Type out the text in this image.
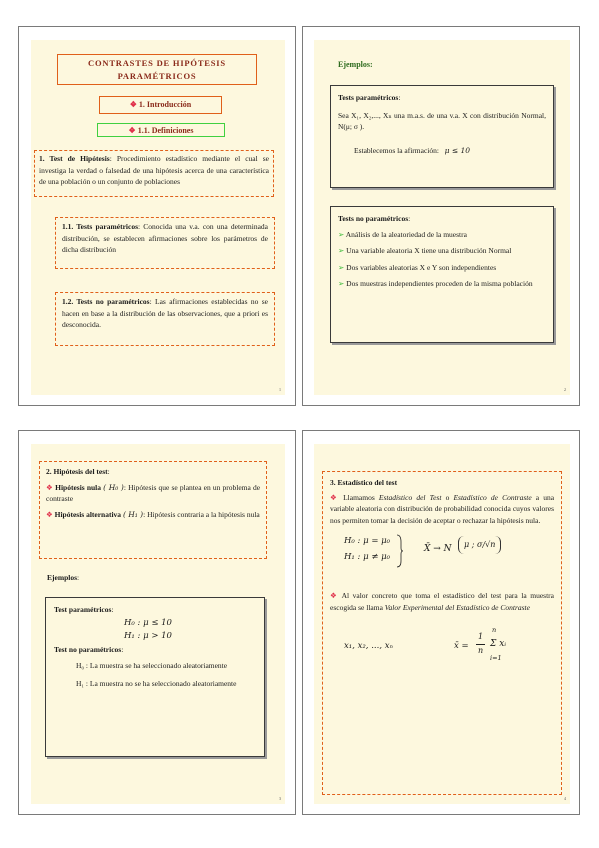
CONTRASTES DE HIPÓTESIS PARAMÉTRICOS
❖ 1. Introducción
❖ 1.1. Definiciones
1. Test de Hipótesis: Procedimiento estadístico mediante el cual se investiga la verdad o falsedad de una hipótesis acerca de una característica de una población o un conjunto de poblaciones
1.1. Tests paramétricos: Conocida una v.a. con una determinada distribución, se establecen afirmaciones sobre los parámetros de dicha distribución
1.2. Tests no paramétricos: Las afirmaciones establecidas no se hacen en base a la distribución de las observaciones, que a priori es desconocida.
1
Ejemplos:
Tests paramétricos:
Sea X₁, X₂,..., Xₙ una m.a.s. de una v.a. X con distribución Normal, N(μ; σ ).
Establecemos la afirmación: μ ≤ 10
Tests no paramétricos:
➢ Análisis de la aleatoriedad de la muestra
➢ Una variable aleatoria X tiene una distribución Normal
➢ Dos variables aleatorias X e Y son independientes
➢ Dos muestras independientes proceden de la misma población
2
2. Hipótesis del test:
❖ Hipótesis nula ( H₀ ): Hipótesis que se plantea en un problema de contraste
❖ Hipótesis alternativa ( H₁ ): Hipótesis contraria a la hipótesis nula
Ejemplos:
Test paramétricos:
H₀ : μ ≤ 10
H₁ : μ > 10
Test no paramétricos:
H₀ : La muestra se ha seleccionado aleatoriamente
H₁ : La muestra no se ha seleccionado aleatoriamente
3
3. Estadístico del test
❖ Llamamos Estadístico del Test o Estadístico de Contraste a una variable aleatoria con distribución de probabilidad conocida cuyos valores nos permiten tomar la decisión de aceptar o rechazar la hipótesis nula.
H₀ : μ = μ₀
H₁ : μ ≠ μ₀
X̄ → N	μ ; σ/√n
❖ Al valor concreto que toma el estadístico del test para la muestra escogida se llama Valor Experimental del Estadístico de Contraste
x₁, x₂, ..., xₙ	x̄ =
1
n
n
Σ xᵢ
i=1
4
